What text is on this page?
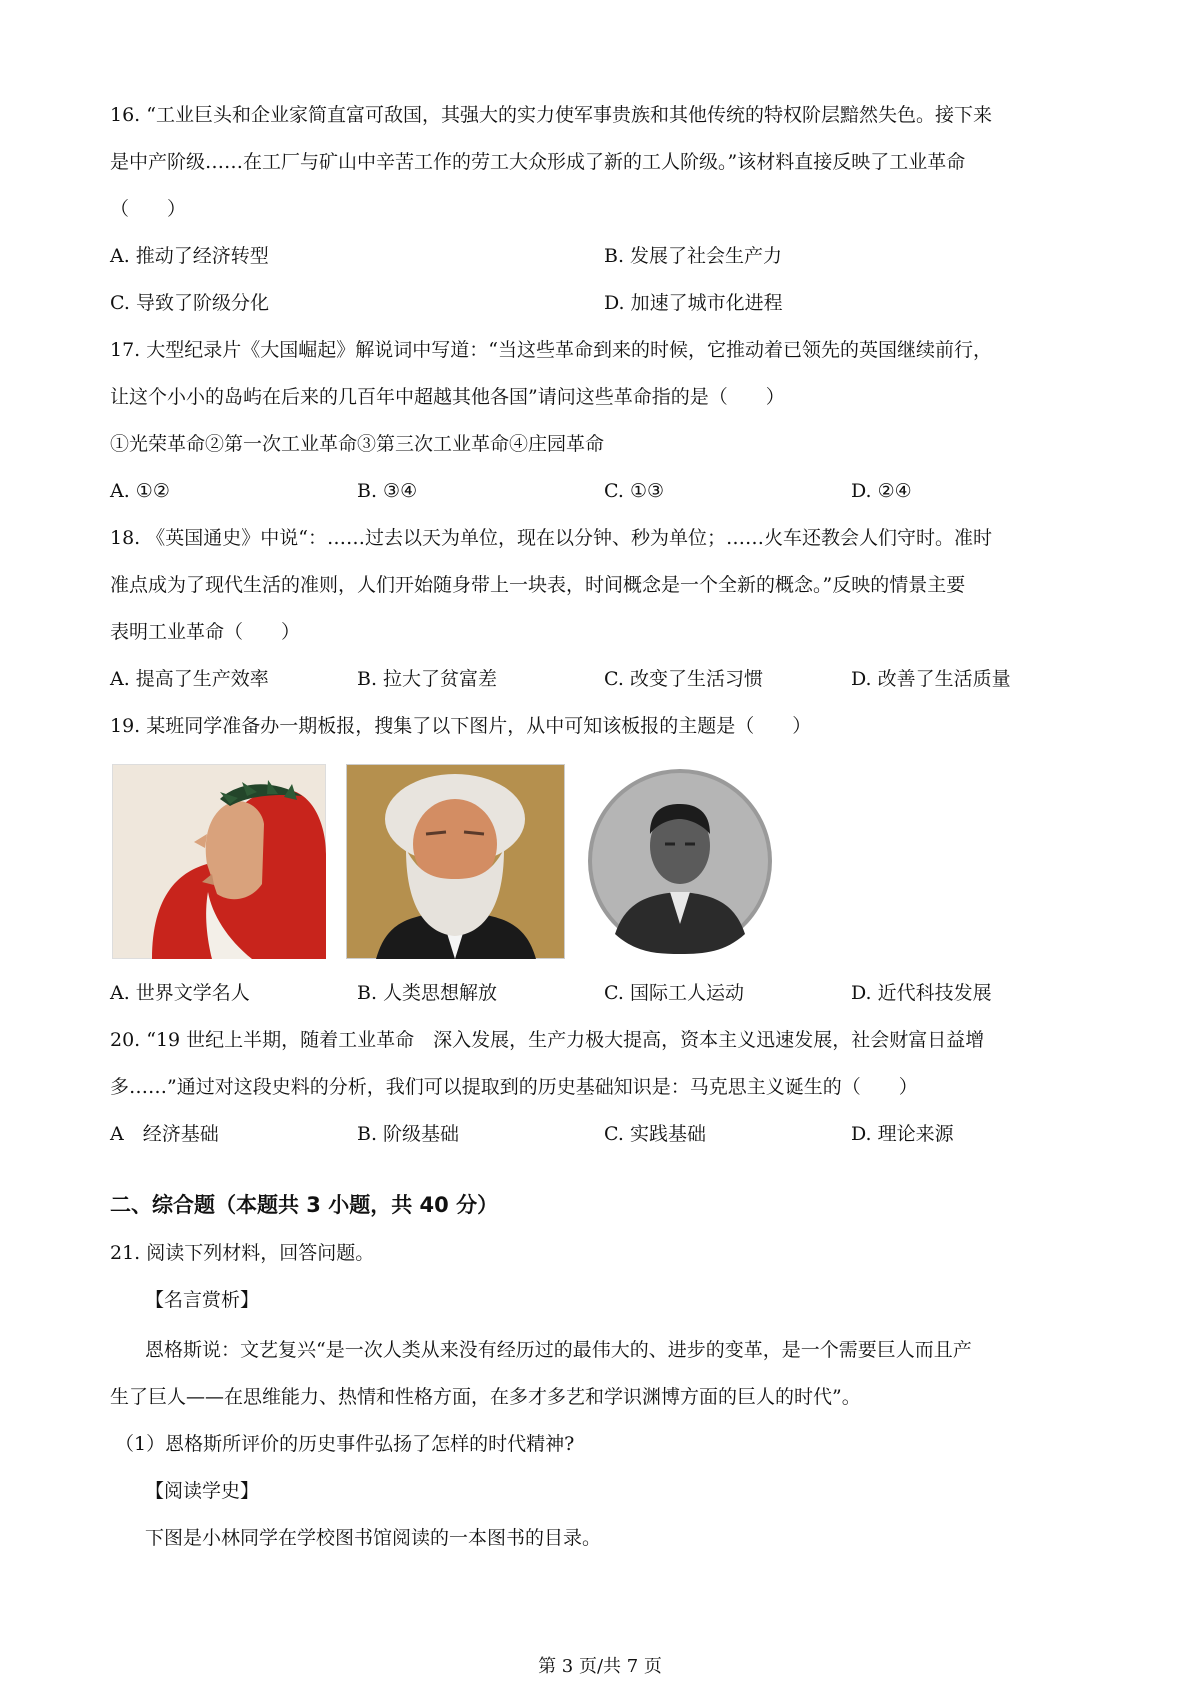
16. “工业巨头和企业家简直富可敌国，其强大的实力使军事贵族和其他传统的特权阶层黯然失色。接下来
是中产阶级……在工厂与矿山中辛苦工作的劳工大众形成了新的工人阶级。”该材料直接反映了工业革命
（　　）
A. 推动了经济转型	B. 发展了社会生产力
C. 导致了阶级分化	D. 加速了城市化进程
17. 大型纪录片《大国崛起》解说词中写道：“当这些革命到来的时候，它推动着已领先的英国继续前行，
让这个小小的岛屿在后来的几百年中超越其他各国”请问这些革命指的是（　　）
①光荣革命②第一次工业革命③第三次工业革命④庄园革命
A. ①②	B. ③④	C. ①③	D. ②④
18. 《英国通史》中说“：……过去以天为单位，现在以分钟、秒为单位；……火车还教会人们守时。准时
准点成为了现代生活的准则，人们开始随身带上一块表，时间概念是一个全新的概念。”反映的情景主要
表明工业革命（　　）
A. 提高了生产效率	B. 拉大了贫富差	C. 改变了生活习惯	D. 改善了生活质量
19. 某班同学准备办一期板报，搜集了以下图片，从中可知该板报的主题是（　　）
A. 世界文学名人	B. 人类思想解放	C. 国际工人运动	D. 近代科技发展
20. “19 世纪上半期，随着工业革命　深入发展，生产力极大提高，资本主义迅速发展，社会财富日益增
多……”通过对这段史料的分析，我们可以提取到的历史基础知识是：马克思主义诞生的（　　）
A　经济基础	B. 阶级基础	C. 实践基础	D. 理论来源
二、综合题（本题共 3 小题，共 40 分）
21. 阅读下列材料，回答问题。
【名言赏析】
恩格斯说：文艺复兴“是一次人类从来没有经历过的最伟大的、进步的变革，是一个需要巨人而且产
生了巨人——在思维能力、热情和性格方面，在多才多艺和学识渊博方面的巨人的时代”。
（1）恩格斯所评价的历史事件弘扬了怎样的时代精神?
【阅读学史】
下图是小林同学在学校图书馆阅读的一本图书的目录。
第 3 页/共 7 页
